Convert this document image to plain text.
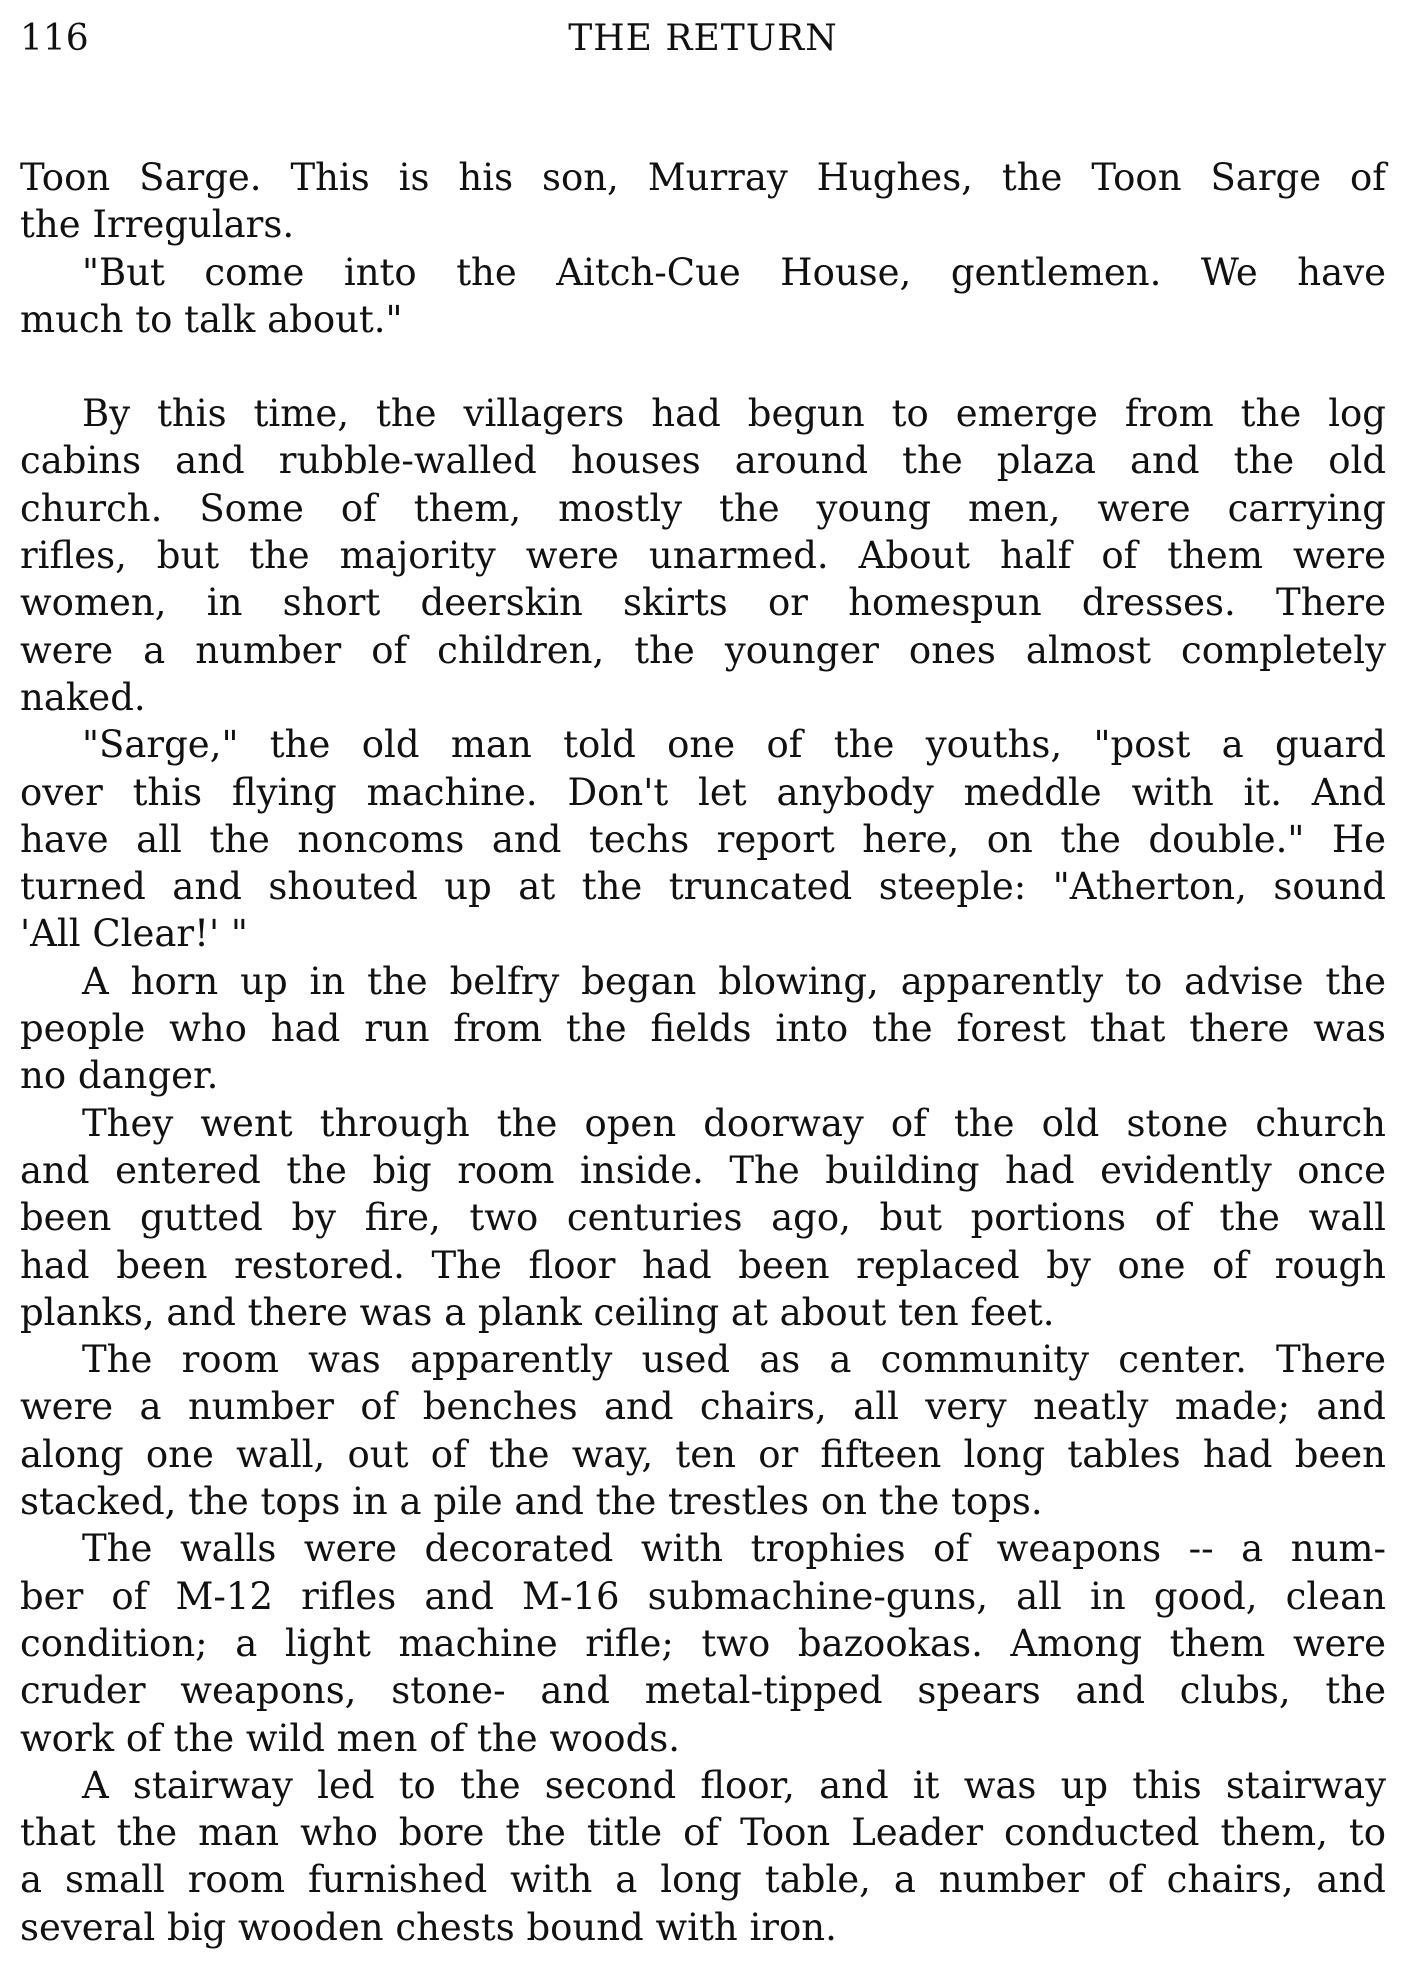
116	THE RETURN
Toon Sarge. This is his son, Murray Hughes, the Toon Sarge of
the Irregulars.
"But come into the Aitch-Cue House, gentlemen. We have
much to talk about."
By this time, the villagers had begun to emerge from the log
cabins and rubble-walled houses around the plaza and the old
church. Some of them, mostly the young men, were carrying
rifles, but the majority were unarmed. About half of them were
women, in short deerskin skirts or homespun dresses. There
were a number of children, the younger ones almost completely
naked.
"Sarge," the old man told one of the youths, "post a guard
over this flying machine. Don't let anybody meddle with it. And
have all the noncoms and techs report here, on the double." He
turned and shouted up at the truncated steeple: "Atherton, sound
'All Clear!' "
A horn up in the belfry began blowing, apparently to advise the
people who had run from the fields into the forest that there was
no danger.
They went through the open doorway of the old stone church
and entered the big room inside. The building had evidently once
been gutted by fire, two centuries ago, but portions of the wall
had been restored. The floor had been replaced by one of rough
planks, and there was a plank ceiling at about ten feet.
The room was apparently used as a community center. There
were a number of benches and chairs, all very neatly made; and
along one wall, out of the way, ten or fifteen long tables had been
stacked, the tops in a pile and the trestles on the tops.
The walls were decorated with trophies of weapons -- a num-
ber of M-12 rifles and M-16 submachine-guns, all in good, clean
condition; a light machine rifle; two bazookas. Among them were
cruder weapons, stone- and metal-tipped spears and clubs, the
work of the wild men of the woods.
A stairway led to the second floor, and it was up this stairway
that the man who bore the title of Toon Leader conducted them, to
a small room furnished with a long table, a number of chairs, and
several big wooden chests bound with iron.
